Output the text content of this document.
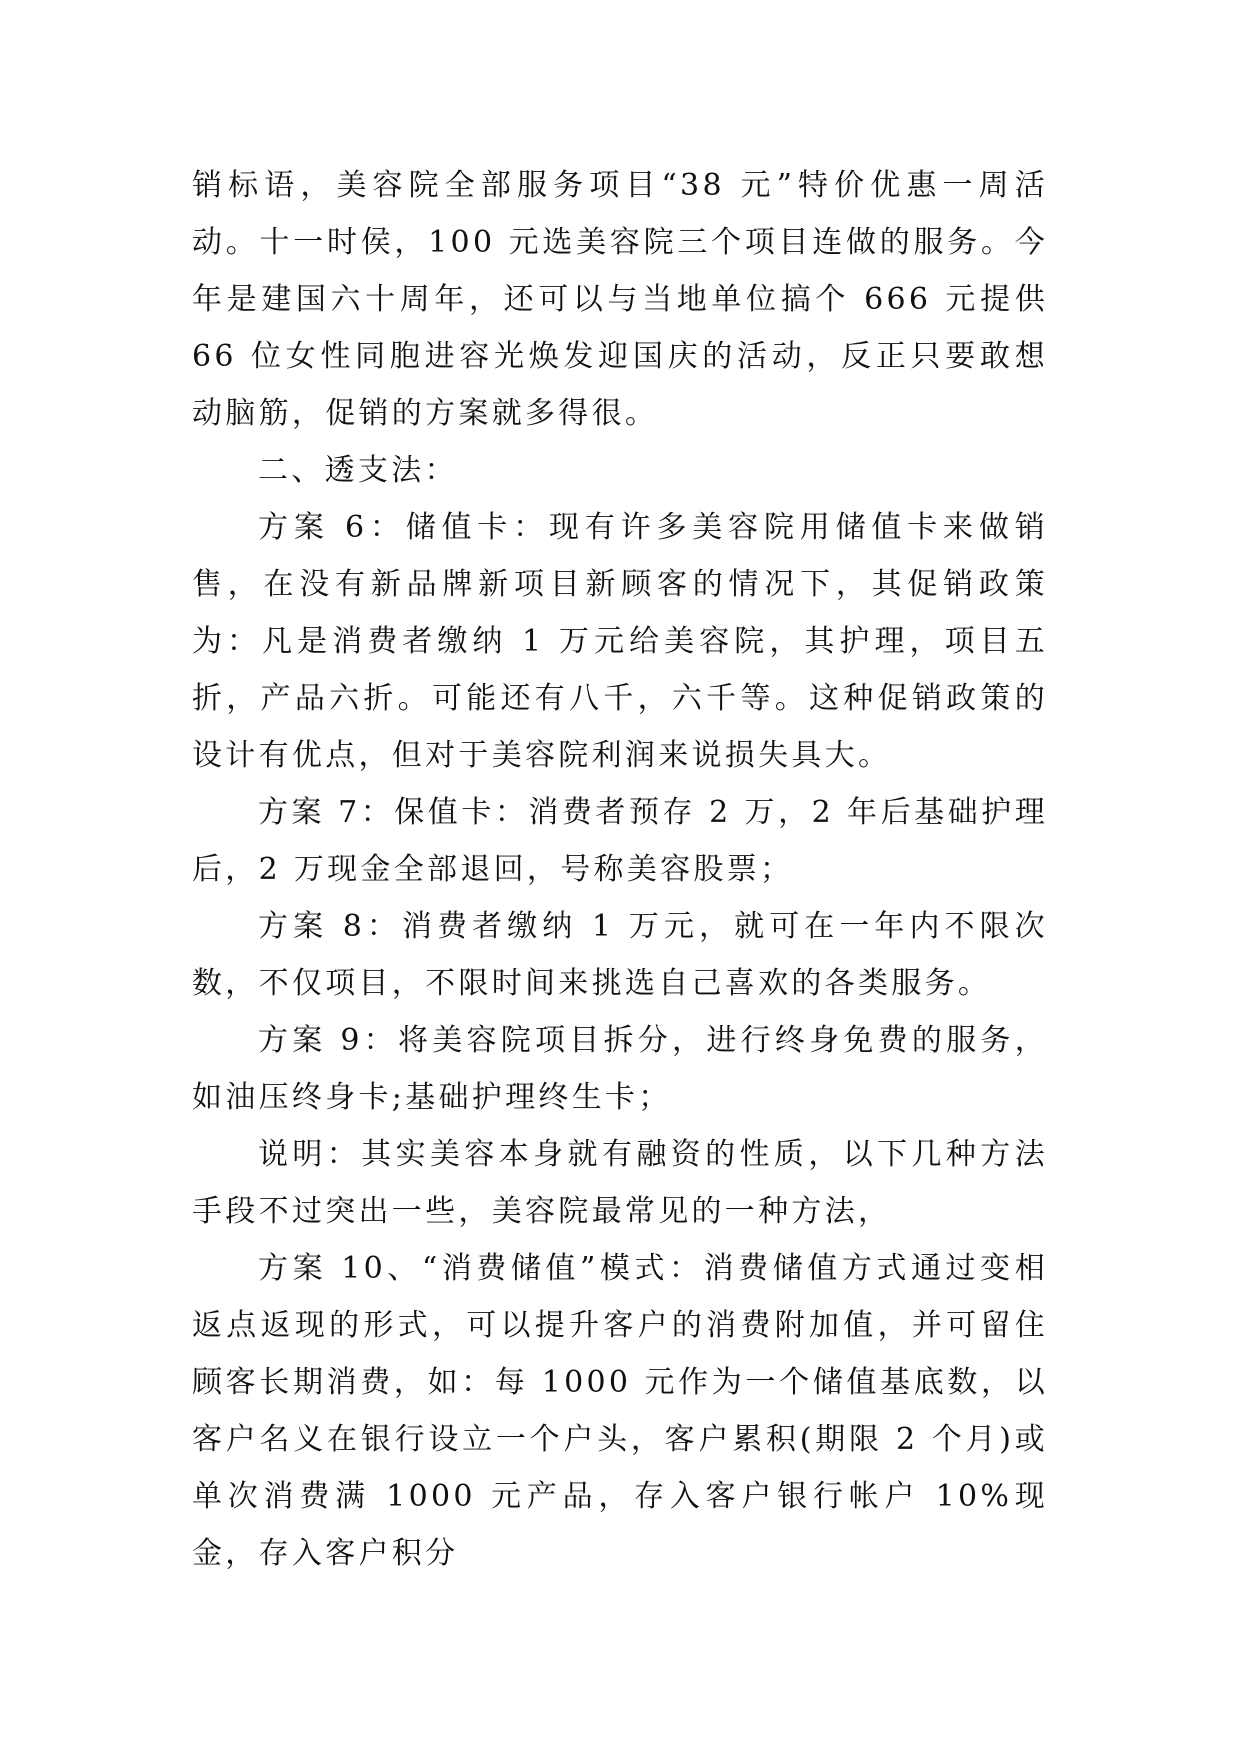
销标语，美容院全部服务项目“38 元”特价优惠一周活动。十一时侯，100 元选美容院三个项目连做的服务。今年是建国六十周年，还可以与当地单位搞个 666 元提供 66 位女性同胞进容光焕发迎国庆的活动，反正只要敢想动脑筋，促销的方案就多得很。

二、透支法：

方案 6：储值卡：现有许多美容院用储值卡来做销售，在没有新品牌新项目新顾客的情况下，其促销政策为：凡是消费者缴纳 1 万元给美容院，其护理，项目五折，产品六折。可能还有八千，六千等。这种促销政策的设计有优点，但对于美容院利润来说损失具大。

方案 7：保值卡：消费者预存 2 万，2 年后基础护理后，2 万现金全部退回，号称美容股票；

方案 8：消费者缴纳 1 万元，就可在一年内不限次数，不仅项目，不限时间来挑选自己喜欢的各类服务。

方案 9：将美容院项目拆分，进行终身免费的服务，如油压终身卡;基础护理终生卡；

说明：其实美容本身就有融资的性质，以下几种方法手段不过突出一些，美容院最常见的一种方法，

方案 10、“消费储值”模式：消费储值方式通过变相返点返现的形式，可以提升客户的消费附加值，并可留住顾客长期消费，如：每 1000 元作为一个储值基底数，以客户名义在银行设立一个户头，客户累积(期限 2 个月)或单次消费满 1000 元产品，存入客户银行帐户 10%现金，存入客户积分
